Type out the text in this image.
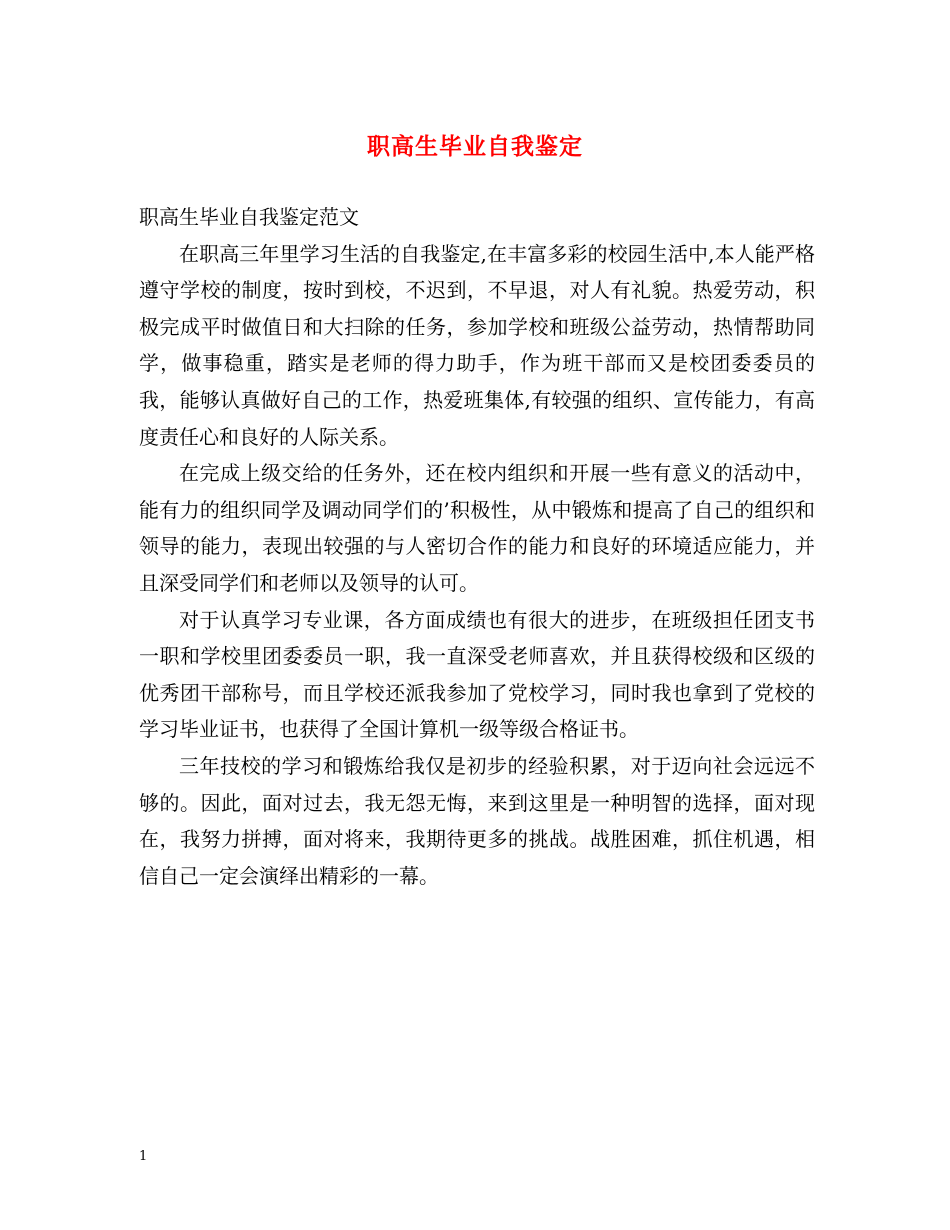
职高生毕业自我鉴定

职高生毕业自我鉴定范文

在职高三年里学习生活的自我鉴定,在丰富多彩的校园生活中,本人能严格遵守学校的制度，按时到校，不迟到，不早退，对人有礼貌。热爱劳动，积极完成平时做值日和大扫除的任务，参加学校和班级公益劳动，热情帮助同学，做事稳重，踏实是老师的得力助手，作为班干部而又是校团委委员的我，能够认真做好自己的工作，热爱班集体,有较强的组织、宣传能力，有高度责任心和良好的人际关系。

在完成上级交给的任务外，还在校内组织和开展一些有意义的活动中，能有力的组织同学及调动同学们的’积极性，从中锻炼和提高了自己的组织和领导的能力，表现出较强的与人密切合作的能力和良好的环境适应能力，并且深受同学们和老师以及领导的认可。

对于认真学习专业课，各方面成绩也有很大的进步，在班级担任团支书一职和学校里团委委员一职，我一直深受老师喜欢，并且获得校级和区级的优秀团干部称号，而且学校还派我参加了党校学习，同时我也拿到了党校的学习毕业证书，也获得了全国计算机一级等级合格证书。

三年技校的学习和锻炼给我仅是初步的经验积累，对于迈向社会远远不够的。因此，面对过去，我无怨无悔，来到这里是一种明智的选择，面对现在，我努力拼搏，面对将来，我期待更多的挑战。战胜困难，抓住机遇，相信自己一定会演绎出精彩的一幕。

1
